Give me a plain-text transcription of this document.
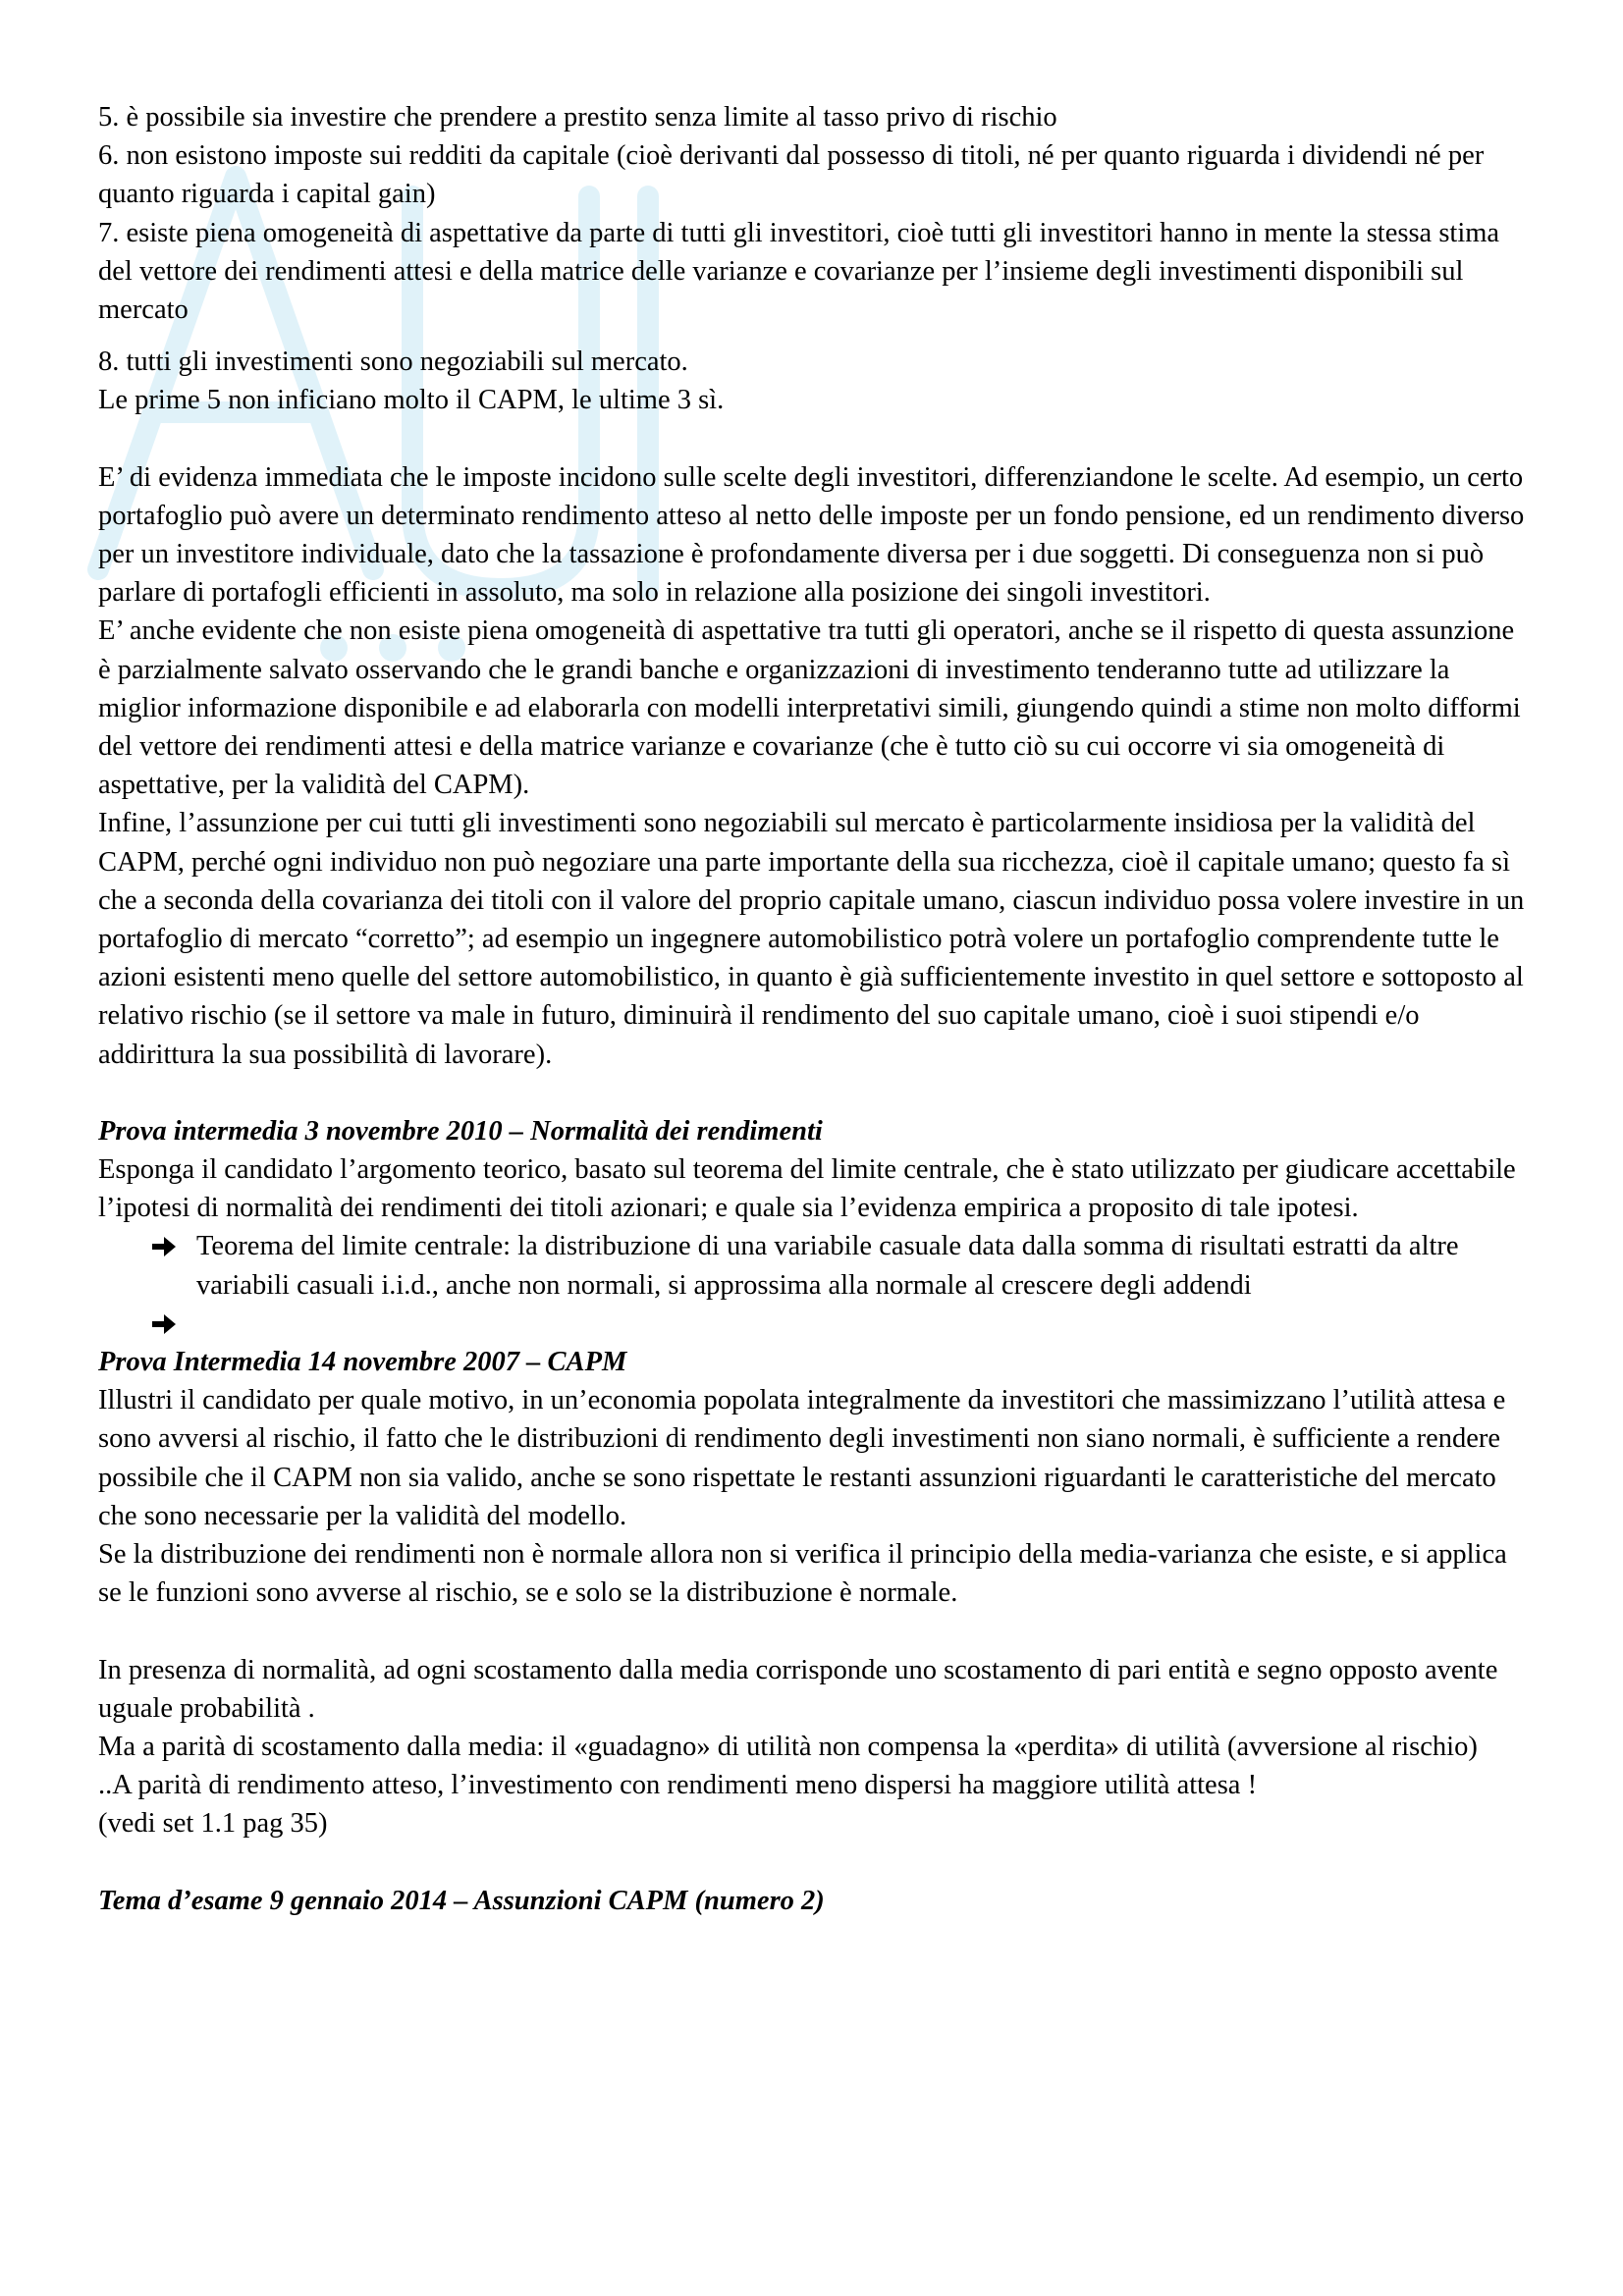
5. è possibile sia investire che prendere a prestito senza limite al tasso privo di rischio

6. non esistono imposte sui redditi da capitale (cioè derivanti dal possesso di titoli, né per quanto riguarda i dividendi né per quanto riguarda i capital gain)

7. esiste piena omogeneità di aspettative da parte di tutti gli investitori, cioè tutti gli investitori hanno in mente la stessa stima del vettore dei rendimenti attesi e della matrice delle varianze e covarianze per l’insieme degli investimenti disponibili sul mercato

8. tutti gli investimenti sono negoziabili sul mercato.

Le prime 5 non inficiano molto il CAPM, le ultime 3 sì.

E’ di evidenza immediata che le imposte incidono sulle scelte degli investitori, differenziandone le scelte. Ad esempio, un certo portafoglio può avere un determinato rendimento atteso al netto delle imposte per un fondo pensione, ed un rendimento diverso per un investitore individuale, dato che la tassazione è profondamente diversa per i due soggetti. Di conseguenza non si può parlare di portafogli efficienti in assoluto, ma solo in relazione alla posizione dei singoli investitori.

E’ anche evidente che non esiste piena omogeneità di aspettative tra tutti gli operatori, anche se il rispetto di questa assunzione è parzialmente salvato osservando che le grandi banche e organizzazioni di investimento tenderanno tutte ad utilizzare la miglior informazione disponibile e ad elaborarla con modelli interpretativi simili, giungendo quindi a stime non molto difformi del vettore dei rendimenti attesi e della matrice varianze e covarianze (che è tutto ciò su cui occorre vi sia omogeneità di aspettative, per la validità del CAPM).

Infine, l’assunzione per cui tutti gli investimenti sono negoziabili sul mercato è particolarmente insidiosa per la validità del CAPM, perché ogni individuo non può negoziare una parte importante della sua ricchezza, cioè il capitale umano; questo fa sì che a seconda della covarianza dei titoli con il valore del proprio capitale umano, ciascun individuo possa volere investire in un portafoglio di mercato “corretto”; ad esempio un ingegnere automobilistico potrà volere un portafoglio comprendente tutte le azioni esistenti meno quelle del settore automobilistico, in quanto è già sufficientemente investito in quel settore e sottoposto al relativo rischio (se il settore va male in futuro, diminuirà il rendimento del suo capitale umano, cioè i suoi stipendi e/o addirittura la sua possibilità di lavorare).

Prova intermedia 3 novembre 2010 – Normalità dei rendimenti

Esponga il candidato l’argomento teorico, basato sul teorema del limite centrale, che è stato utilizzato per giudicare accettabile l’ipotesi di normalità dei rendimenti dei titoli azionari; e quale sia l’evidenza empirica a proposito di tale ipotesi.

Teorema del limite centrale: la distribuzione di una variabile casuale data dalla somma di risultati estratti da altre variabili casuali i.i.d., anche non normali, si approssima alla normale al crescere degli addendi

Prova Intermedia 14 novembre 2007 – CAPM

Illustri il candidato per quale motivo, in un’economia popolata integralmente da investitori che massimizzano l’utilità attesa e sono avversi al rischio, il fatto che le distribuzioni di rendimento degli investimenti non siano normali, è sufficiente a rendere possibile che il CAPM non sia valido, anche se sono rispettate le restanti assunzioni riguardanti le caratteristiche del mercato che sono necessarie per la validità del modello.

Se la distribuzione dei rendimenti non è normale allora non si verifica il principio della media-varianza che esiste, e si applica se le funzioni sono avverse al rischio, se e solo se la distribuzione è normale.

In presenza di normalità, ad ogni scostamento dalla media corrisponde uno scostamento di pari entità e segno opposto avente uguale probabilità .

Ma a parità di scostamento dalla media: il «guadagno» di utilità non compensa la «perdita» di utilità (avversione al rischio)

..A parità di rendimento atteso, l’investimento con rendimenti meno dispersi ha maggiore utilità attesa !

(vedi set 1.1 pag 35)

Tema d’esame 9 gennaio 2014 – Assunzioni CAPM (numero 2)
